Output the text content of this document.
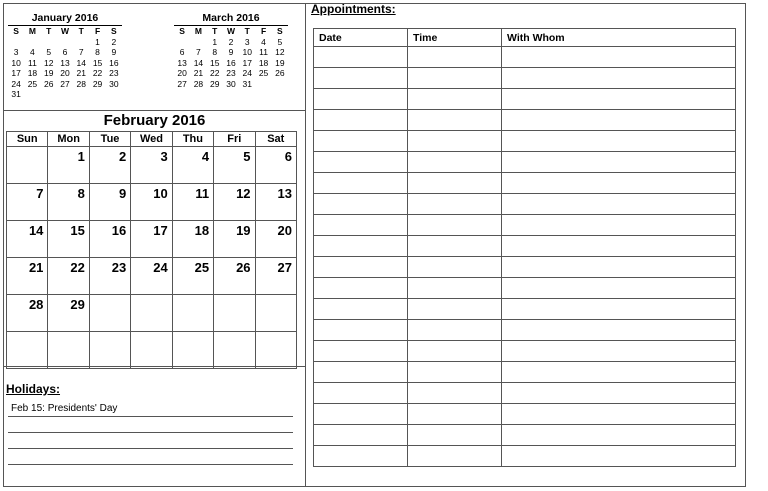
January 2016
S	M	T	W	T	F	S
					1	2
3	4	5	6	7	8	9
10	11	12	13	14	15	16
17	18	19	20	21	22	23
24	25	26	27	28	29	30
31						
March 2016
S	M	T	W	T	F	S
		1	2	3	4	5
6	7	8	9	10	11	12
13	14	15	16	17	18	19
20	21	22	23	24	25	26
27	28	29	30	31		
February 2016
Sun	Mon	Tue	Wed	Thu	Fri	Sat
	1	2	3	4	5	6
7	8	9	10	11	12	13
14	15	16	17	18	19	20
21	22	23	24	25	26	27
28	29					

Holidays:
Feb 15: Presidents' Day
Appointments:
Date	Time	With Whom
